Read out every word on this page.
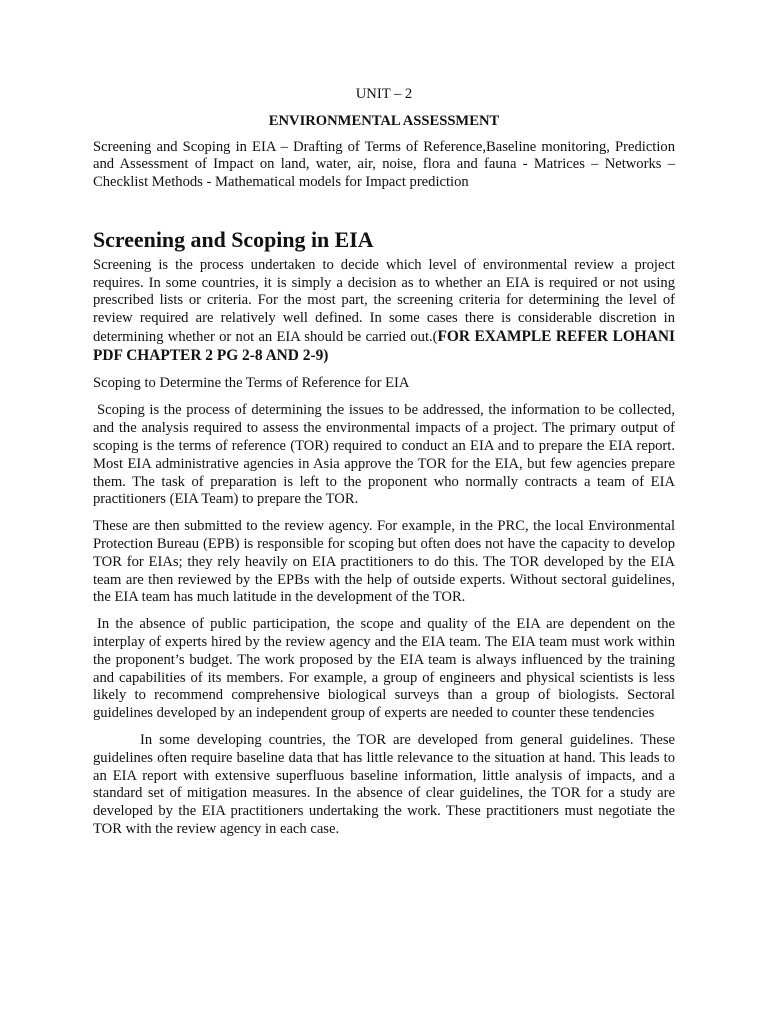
UNIT – 2
ENVIRONMENTAL ASSESSMENT

Screening and Scoping in EIA – Drafting of Terms of Reference,Baseline monitoring, Prediction and Assessment of Impact on land, water, air, noise, flora and fauna - Matrices – Networks – Checklist Methods - Mathematical models for Impact prediction

Screening and Scoping in EIA

Screening is the process undertaken to decide which level of environmental review a project requires. In some countries, it is simply a decision as to whether an EIA is required or not using prescribed lists or criteria. For the most part, the screening criteria for determining the level of review required are relatively well defined. In some cases there is considerable discretion in determining whether or not an EIA should be carried out.(FOR EXAMPLE REFER LOHANI PDF CHAPTER 2 PG 2-8 AND 2-9)

Scoping to Determine the Terms of Reference for EIA

Scoping is the process of determining the issues to be addressed, the information to be collected, and the analysis required to assess the environmental impacts of a project. The primary output of scoping is the terms of reference (TOR) required to conduct an EIA and to prepare the EIA report. Most EIA administrative agencies in Asia approve the TOR for the EIA, but few agencies prepare them. The task of preparation is left to the proponent who normally contracts a team of EIA practitioners (EIA Team) to prepare the TOR.

These are then submitted to the review agency. For example, in the PRC, the local Environmental Protection Bureau (EPB) is responsible for scoping but often does not have the capacity to develop TOR for EIAs; they rely heavily on EIA practitioners to do this. The TOR developed by the EIA team are then reviewed by the EPBs with the help of outside experts. Without sectoral guidelines, the EIA team has much latitude in the development of the TOR.

In the absence of public participation, the scope and quality of the EIA are dependent on the interplay of experts hired by the review agency and the EIA team. The EIA team must work within the proponent’s budget. The work proposed by the EIA team is always influenced by the training and capabilities of its members. For example, a group of engineers and physical scientists is less likely to recommend comprehensive biological surveys than a group of biologists. Sectoral guidelines developed by an independent group of experts are needed to counter these tendencies

In some developing countries, the TOR are developed from general guidelines. These guidelines often require baseline data that has little relevance to the situation at hand. This leads to an EIA report with extensive superfluous baseline information, little analysis of impacts, and a standard set of mitigation measures. In the absence of clear guidelines, the TOR for a study are developed by the EIA practitioners undertaking the work. These practitioners must negotiate the TOR with the review agency in each case.
